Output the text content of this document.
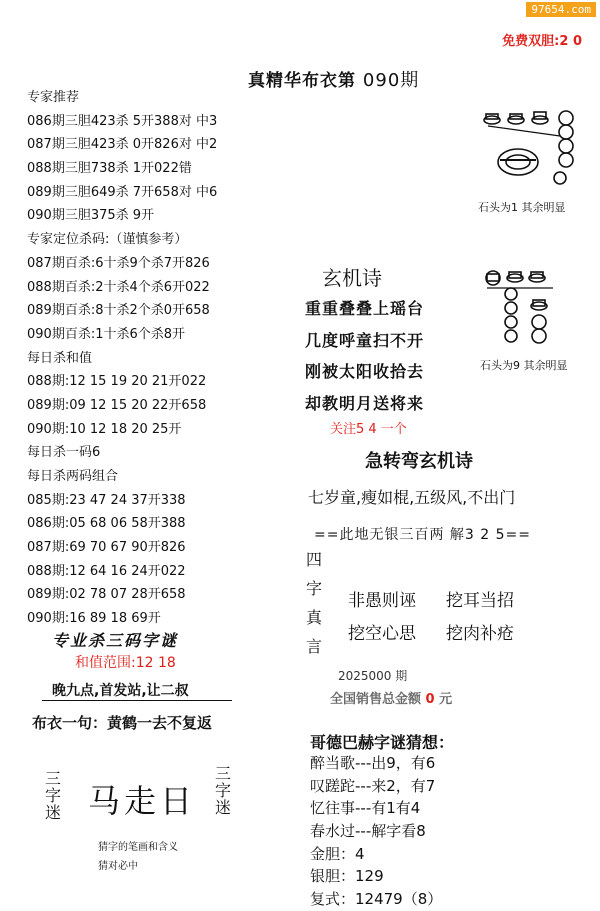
97654.com
免费双胆:2 0
真精华布衣第 090期
专家推荐
086期三胆423杀 5开388对 中3
087期三胆423杀 0开826对 中2
088期三胆738杀 1开022错
089期三胆649杀 7开658对 中6
090期三胆375杀 9开
专家定位杀码:（谨慎参考）
087期百杀:6十杀9个杀7开826
088期百杀:2十杀4个杀6开022
089期百杀:8十杀2个杀0开658
090期百杀:1十杀6个杀8开
每日杀和值
088期:12 15 19 20 21开022
089期:09 12 15 20 22开658
090期:10 12 18 20 25开
每日杀一码6
每日杀两码组合
085期:23 47 24 37开338
086期:05 68 06 58开388
087期:69 70 67 90开826
088期:12 64 16 24开022
089期:02 78 07 28开658
090期:16 89 18 69开
专业杀三码字谜
和值范围:12 18
晚九点,首发站,让二叔
布衣一句：黄鹤一去不复返
三字迷 马走日
三字迷
猜字的笔画和含义
猜对必中
石头为1 其余明显
石头为9 其余明显
玄机诗
重重叠叠上瑶台
几度呼童扫不开
刚被太阳收拾去
却教明月送将来
关注5 4 一个
急转弯玄机诗
七岁童,瘦如棍,五级风,不出门
==此地无银三百两 解3 2 5==
四字真言
非愚则诬 挖耳当招
挖空心思 挖肉补疮
2025000 期
全国销售总金额 0 元
哥德巴赫字谜猜想：
醉当歌---出9，有6
叹蹉跎---来2，有7
忆往事---有1有4
春水过---解字看8
金胆：4
银胆：129
复式：12479（8）
